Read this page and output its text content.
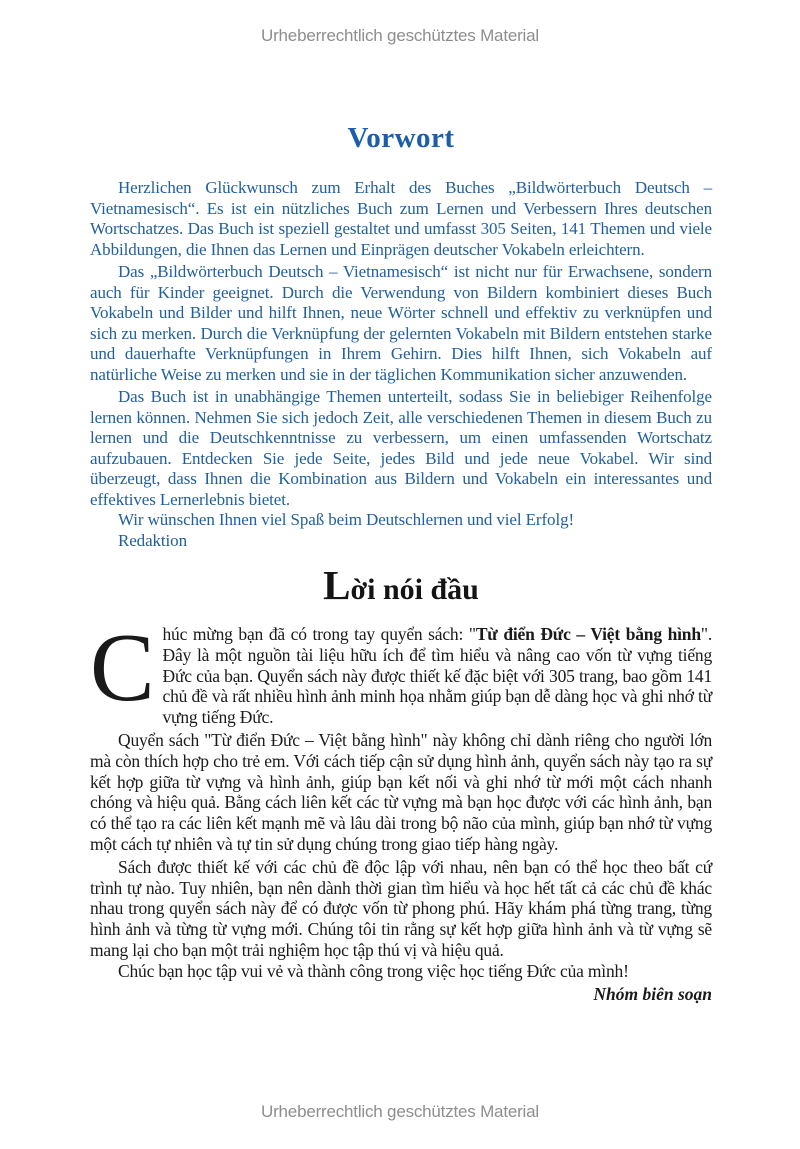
Urheberrechtlich geschütztes Material
Vorwort

Herzlichen Glückwunsch zum Erhalt des Buches „Bildwörterbuch Deutsch – Vietnamesisch“. Es ist ein nützliches Buch zum Lernen und Verbessern Ihres deutschen Wortschatzes. Das Buch ist speziell gestaltet und umfasst 305 Seiten, 141 Themen und viele Abbildungen, die Ihnen das Lernen und Einprägen deutscher Vokabeln erleichtern.

Das „Bildwörterbuch Deutsch – Vietnamesisch“ ist nicht nur für Erwachsene, sondern auch für Kinder geeignet. Durch die Verwendung von Bildern kombiniert dieses Buch Vokabeln und Bilder und hilft Ihnen, neue Wörter schnell und effektiv zu verknüpfen und sich zu merken. Durch die Verknüpfung der gelernten Vokabeln mit Bildern entstehen starke und dauerhafte Verknüpfungen in Ihrem Gehirn. Dies hilft Ihnen, sich Vokabeln auf natürliche Weise zu merken und sie in der täglichen Kommunikation sicher anzuwenden.

Das Buch ist in unabhängige Themen unterteilt, sodass Sie in beliebiger Reihenfolge lernen können. Nehmen Sie sich jedoch Zeit, alle verschiedenen Themen in diesem Buch zu lernen und die Deutschkenntnisse zu verbessern, um einen umfassenden Wortschatz aufzubauen. Entdecken Sie jede Seite, jedes Bild und jede neue Vokabel. Wir sind überzeugt, dass Ihnen die Kombination aus Bildern und Vokabeln ein interessantes und effektives Lernerlebnis bietet.

Wir wünschen Ihnen viel Spaß beim Deutschlernen und viel Erfolg!

Redaktion

Lời nói đầu

Chúc mừng bạn đã có trong tay quyển sách: "Từ điển Đức – Việt bằng hình". Đây là một nguồn tài liệu hữu ích để tìm hiểu và nâng cao vốn từ vựng tiếng Đức của bạn. Quyển sách này được thiết kế đặc biệt với 305 trang, bao gồm 141 chủ đề và rất nhiều hình ảnh minh họa nhằm giúp bạn dễ dàng học và ghi nhớ từ vựng tiếng Đức.

Quyển sách "Từ điển Đức – Việt bằng hình" này không chỉ dành riêng cho người lớn mà còn thích hợp cho trẻ em. Với cách tiếp cận sử dụng hình ảnh, quyển sách này tạo ra sự kết hợp giữa từ vựng và hình ảnh, giúp bạn kết nối và ghi nhớ từ mới một cách nhanh chóng và hiệu quả. Bằng cách liên kết các từ vựng mà bạn học được với các hình ảnh, bạn có thể tạo ra các liên kết mạnh mẽ và lâu dài trong bộ não của mình, giúp bạn nhớ từ vựng một cách tự nhiên và tự tin sử dụng chúng trong giao tiếp hàng ngày.

Sách được thiết kế với các chủ đề độc lập với nhau, nên bạn có thể học theo bất cứ trình tự nào. Tuy nhiên, bạn nên dành thời gian tìm hiểu và học hết tất cả các chủ đề khác nhau trong quyển sách này để có được vốn từ phong phú. Hãy khám phá từng trang, từng hình ảnh và từng từ vựng mới. Chúng tôi tin rằng sự kết hợp giữa hình ảnh và từ vựng sẽ mang lại cho bạn một trải nghiệm học tập thú vị và hiệu quả.

Chúc bạn học tập vui vẻ và thành công trong việc học tiếng Đức của mình!

Nhóm biên soạn

Urheberrechtlich geschütztes Material
